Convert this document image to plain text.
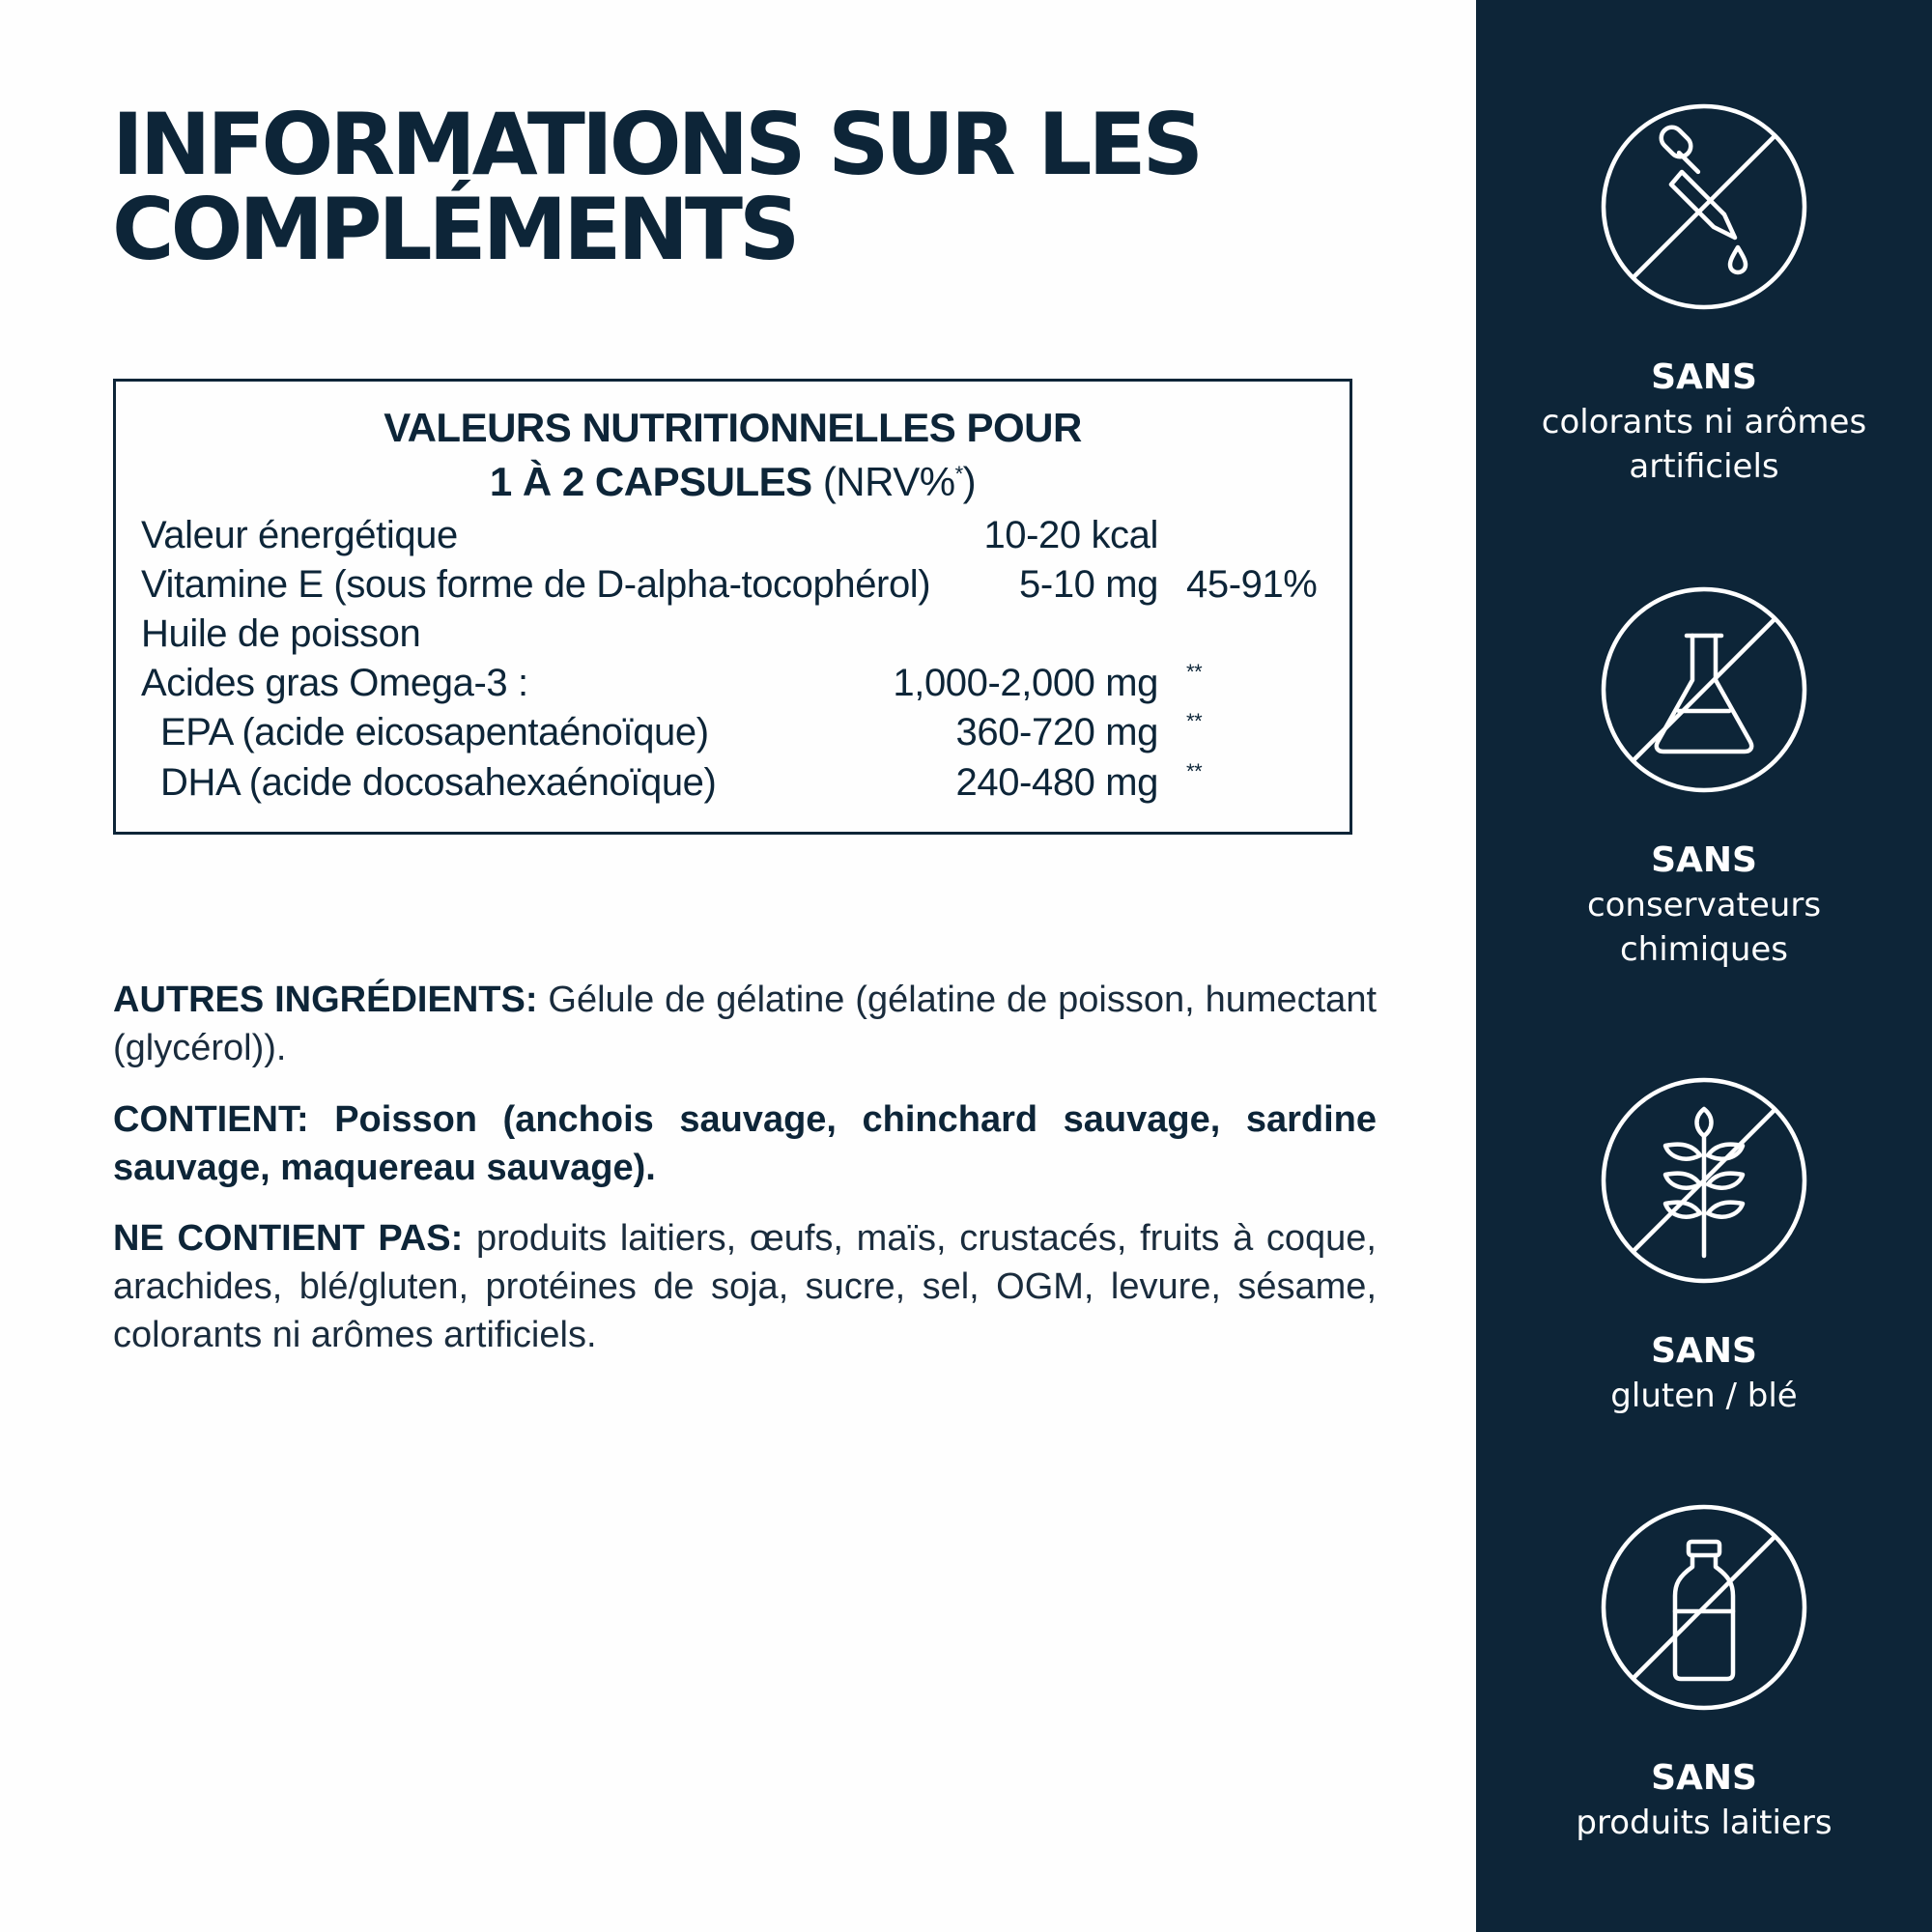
INFORMATIONS SUR LES
COMPLÉMENTS
VALEURS NUTRITIONNELLES POUR
1 À 2 CAPSULES (NRV%*)
Valeur énergétique	10-20 kcal
Vitamine E (sous forme de D-alpha-tocophérol) 5-10 mg 45-91%
Huile de poisson
Acides gras Omega-3 :	1,000-2,000 mg **
EPA (acide eicosapentaénoïque)	360-720 mg **
DHA (acide docosahexaénoïque)	240-480 mg **

AUTRES INGRÉDIENTS: Gélule de gélatine (gélatine de poisson, humectant (glycérol)).

CONTIENT: Poisson (anchois sauvage, chinchard sauvage, sardine sauvage, maquereau sauvage).

NE CONTIENT PAS: produits laitiers, œufs, maïs, crustacés, fruits à coque, arachides, blé/gluten, protéines de soja, sucre, sel, OGM, levure, sésame, colorants ni arômes artificiels.

SANS
colorants ni arômes artificiels
SANS
conservateurs chimiques
SANS
gluten / blé
SANS
produits laitiers
